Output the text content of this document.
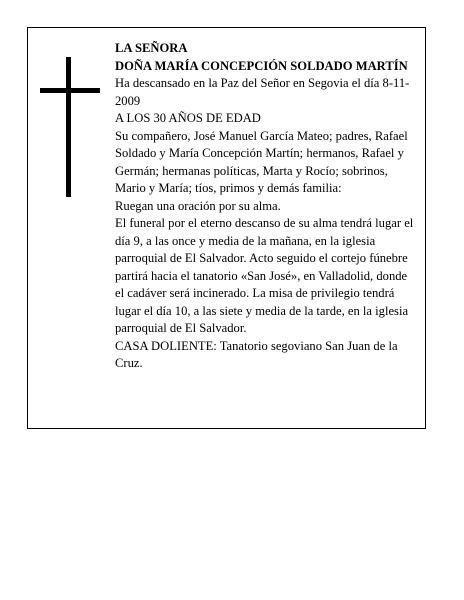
LA SEÑORA

DOÑA MARÍA CONCEPCIÓN SOLDADO MARTÍN

Ha descansado en la Paz del Señor en Segovia el día 8-11-2009

A LOS 30 AÑOS DE EDAD

Su compañero, José Manuel García Mateo; padres, Rafael Soldado y María Concepción Martín; hermanos, Rafael y Germán; hermanas políticas, Marta y Rocío; sobrinos, Mario y María; tíos, primos y demás familia:

Ruegan una oración por su alma.

El funeral por el eterno descanso de su alma tendrá lugar el día 9, a las once y media de la mañana, en la iglesia parroquial de El Salvador. Acto seguido el cortejo fúnebre partirá hacia el tanatorio «San José», en Valladolid, donde el cadáver será incinerado. La misa de privilegio tendrá lugar el día 10, a las siete y media de la tarde, en la iglesia parroquial de El Salvador.

CASA DOLIENTE: Tanatorio segoviano San Juan de la Cruz.
